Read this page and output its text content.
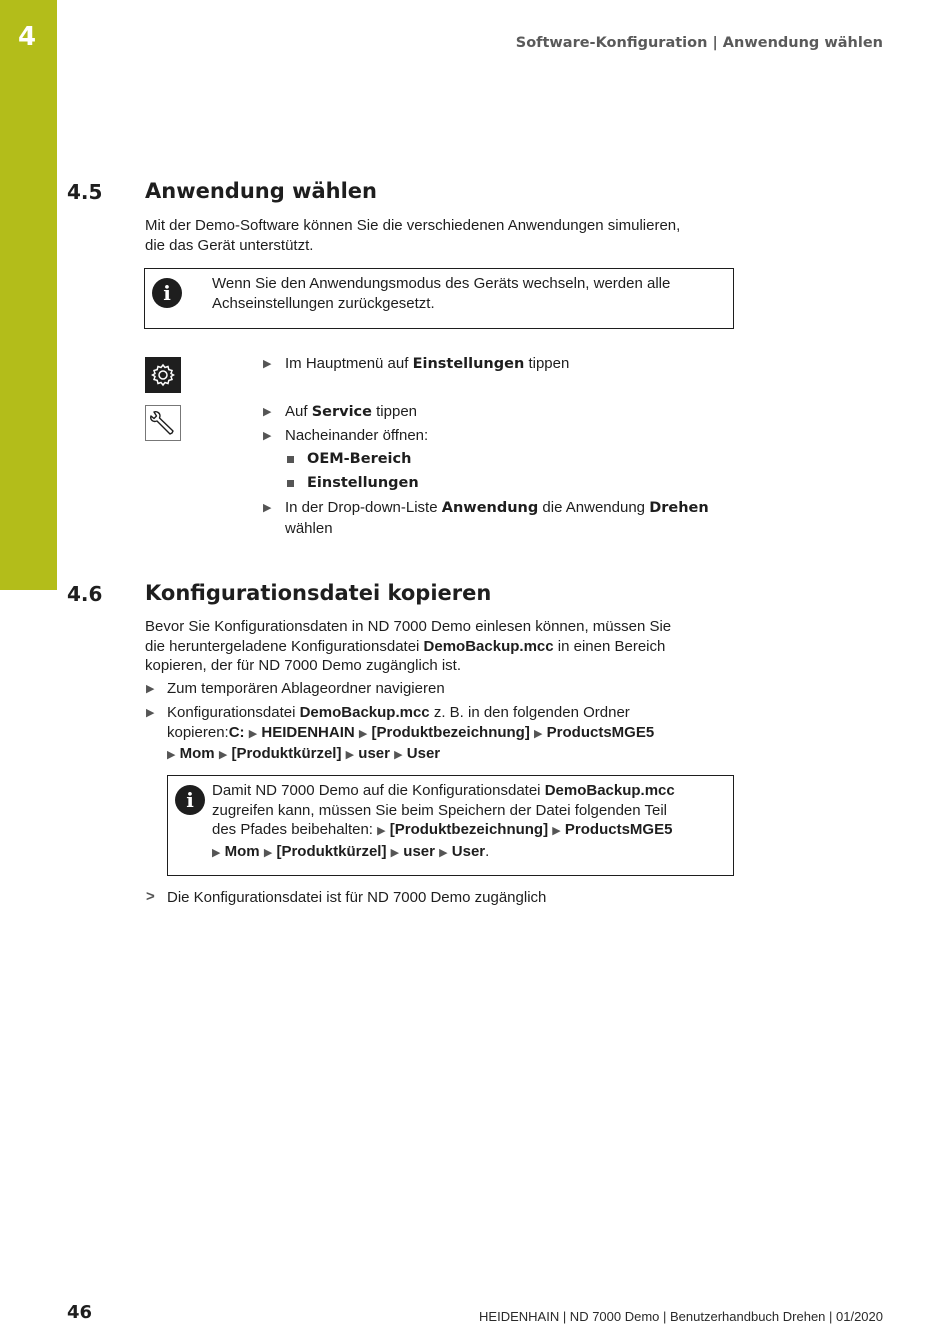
4	Software-Konfiguration | Anwendung wählen
4.5 Anwendung wählen
Mit der Demo-Software können Sie die verschiedenen Anwendungen simulieren,
die das Gerät unterstützt.
i	Wenn Sie den Anwendungsmodus des Geräts wechseln, werden alle
Achseinstellungen zurückgesetzt.
▶ Im Hauptmenü auf Einstellungen tippen
▶ Auf Service tippen
▶ Nacheinander öffnen:
OEM-Bereich
Einstellungen
▶ In der Drop-down-Liste Anwendung die Anwendung Drehen
wählen
4.6 Konfigurationsdatei kopieren
Bevor Sie Konfigurationsdaten in ND 7000 Demo einlesen können, müssen Sie
die heruntergeladene Konfigurationsdatei DemoBackup.mcc in einen Bereich
kopieren, der für ND 7000 Demo zugänglich ist.
▶ Zum temporären Ablageordner navigieren
▶ Konfigurationsdatei DemoBackup.mcc z. B. in den folgenden Ordner
kopieren:C: ▶ HEIDENHAIN ▶ [Produktbezeichnung] ▶ ProductsMGE5
▶ Mom ▶ [Produktkürzel] ▶ user ▶ User
i	Damit ND 7000 Demo auf die Konfigurationsdatei DemoBackup.mcc
zugreifen kann, müssen Sie beim Speichern der Datei folgenden Teil
des Pfades beibehalten: ▶ [Produktbezeichnung] ▶ ProductsMGE5
▶ Mom ▶ [Produktkürzel] ▶ user ▶ User.
> Die Konfigurationsdatei ist für ND 7000 Demo zugänglich
46	HEIDENHAIN | ND 7000 Demo | Benutzerhandbuch Drehen | 01/2020
